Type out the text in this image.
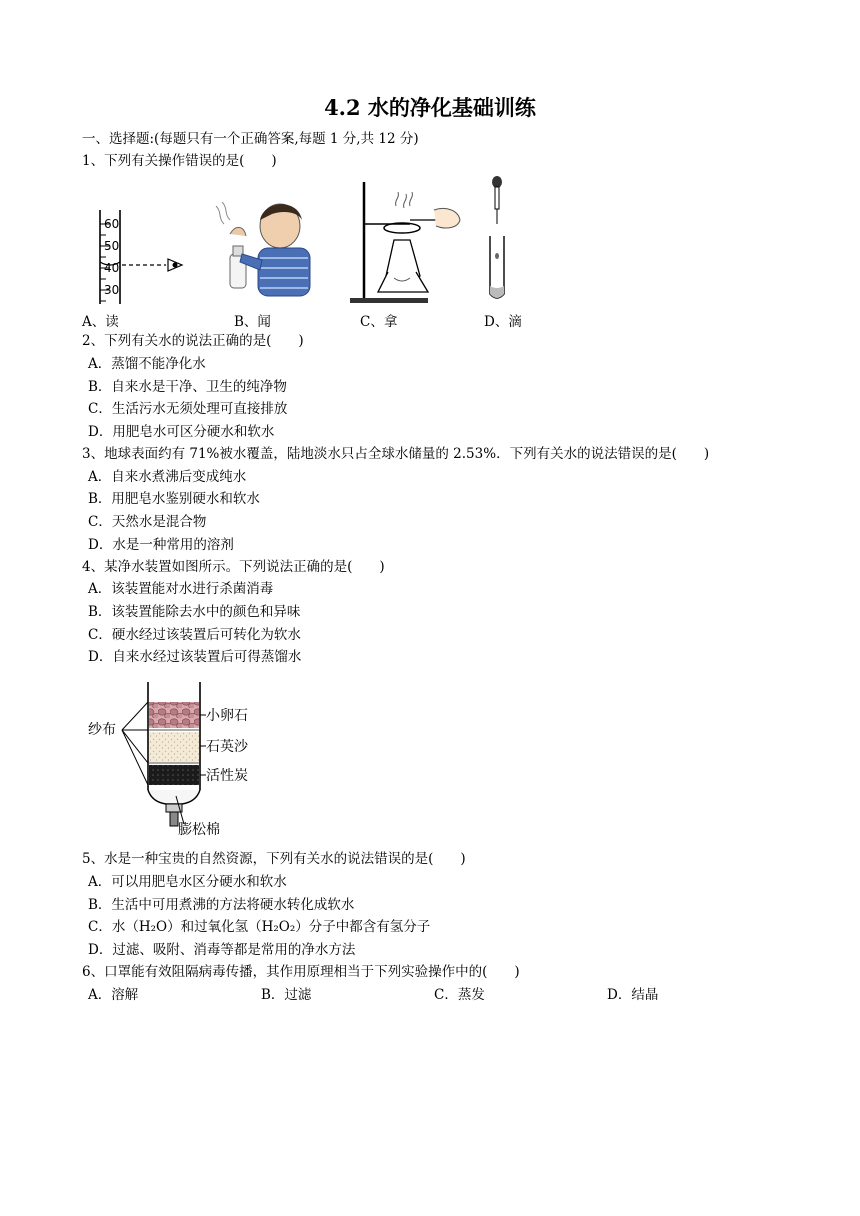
4.2 水的净化基础训练
一、选择题:(每题只有一个正确答案,每题 1 分,共 12 分)
1、下列有关操作错误的是(　　)
60
50
40
30
A、读	B、闻	C、拿	D、滴
2、下列有关水的说法正确的是(　　)
A．蒸馏不能净化水
B．自来水是干净、卫生的纯净物
C．生活污水无须处理可直接排放
D．用肥皂水可区分硬水和软水
3、地球表面约有 71%被水覆盖，陆地淡水只占全球水储量的 2.53%．下列有关水的说法错误的是(　　)
A．自来水煮沸后变成纯水
B．用肥皂水鉴别硬水和软水
C．天然水是混合物
D．水是一种常用的溶剂
4、某净水装置如图所示。下列说法正确的是(　　)
A．该装置能对水进行杀菌消毒
B．该装置能除去水中的颜色和异味
C．硬水经过该装置后可转化为软水
D．自来水经过该装置后可得蒸馏水
纱布
小卵石
石英沙
活性炭
膨松棉
5、水是一种宝贵的自然资源，下列有关水的说法错误的是(　　)
A．可以用肥皂水区分硬水和软水
B．生活中可用煮沸的方法将硬水转化成软水
C．水（H₂O）和过氧化氢（H₂O₂）分子中都含有氢分子
D．过滤、吸附、消毒等都是常用的净水方法
6、口罩能有效阻隔病毒传播，其作用原理相当于下列实验操作中的(　　)
A．溶解	B．过滤	C．蒸发	D．结晶
